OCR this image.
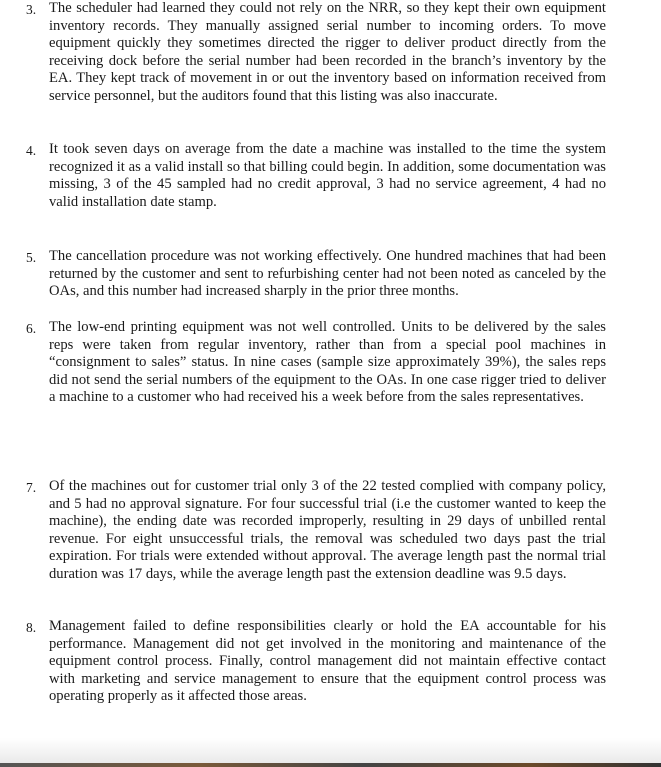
3. The scheduler had learned they could not rely on the NRR, so they kept their own equipment inventory records. They manually assigned serial number to incoming orders. To move equipment quickly they sometimes directed the rigger to deliver product directly from the receiving dock before the serial number had been recorded in the branch’s inventory by the EA. They kept track of movement in or out the inventory based on information received from service personnel, but the auditors found that this listing was also inaccurate.
4. It took seven days on average from the date a machine was installed to the time the system recognized it as a valid install so that billing could begin. In addition, some documentation was missing, 3 of the 45 sampled had no credit approval, 3 had no service agreement, 4 had no valid installation date stamp.
5. The cancellation procedure was not working effectively. One hundred machines that had been returned by the customer and sent to refurbishing center had not been noted as canceled by the OAs, and this number had increased sharply in the prior three months.
6. The low-end printing equipment was not well controlled. Units to be delivered by the sales reps were taken from regular inventory, rather than from a special pool machines in “consignment to sales” status. In nine cases (sample size approximately 39%), the sales reps did not send the serial numbers of the equipment to the OAs. In one case rigger tried to deliver a machine to a customer who had received his a week before from the sales representatives.
7. Of the machines out for customer trial only 3 of the 22 tested complied with company policy, and 5 had no approval signature. For four successful trial (i.e the customer wanted to keep the machine), the ending date was recorded improperly, resulting in 29 days of unbilled rental revenue. For eight unsuccessful trials, the removal was scheduled two days past the trial expiration. For trials were extended without approval. The average length past the normal trial duration was 17 days, while the average length past the extension deadline was 9.5 days.
8. Management failed to define responsibilities clearly or hold the EA accountable for his performance. Management did not get involved in the monitoring and maintenance of the equipment control process. Finally, control management did not maintain effective contact with marketing and service management to ensure that the equipment control process was operating properly as it affected those areas.
